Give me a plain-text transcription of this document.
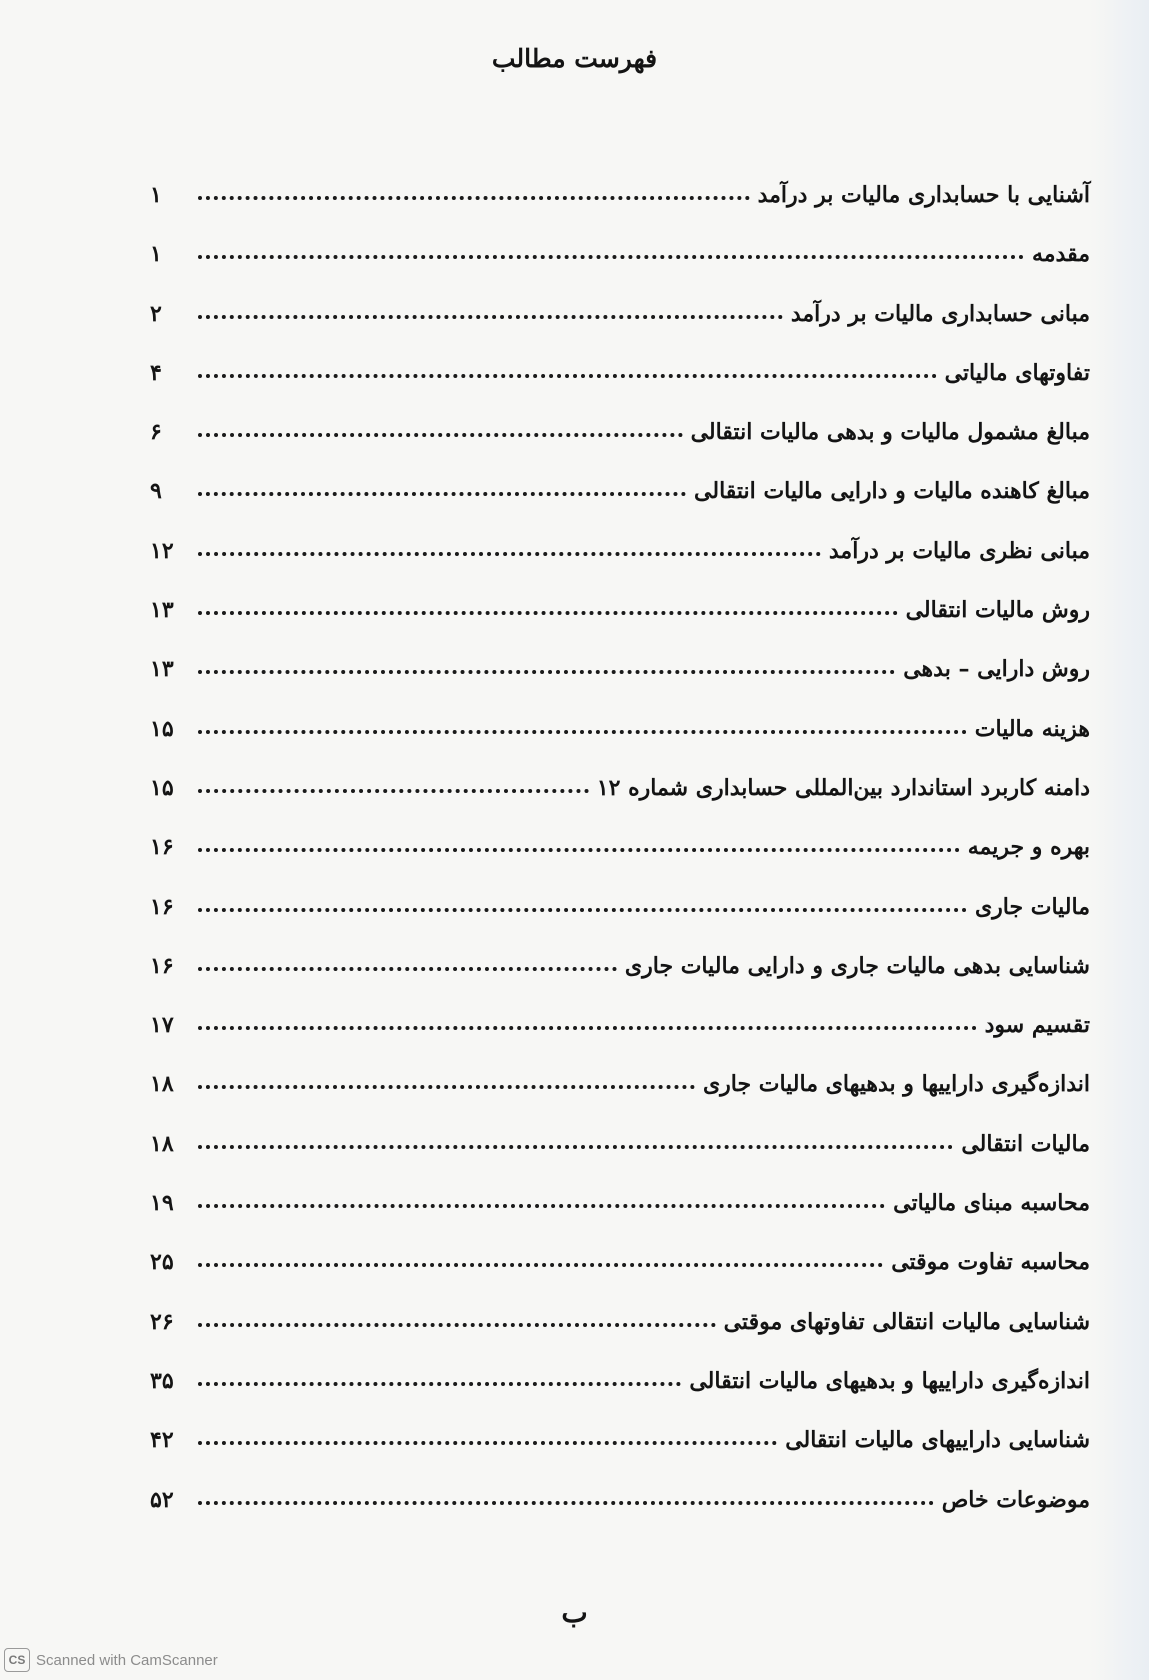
فهرست مطالب
آشنایی با حسابداری مالیات بر درآمد
۱
مقدمه
۱
مبانی حسابداری مالیات بر درآمد
۲
تفاوتهای مالیاتی
۴
مبالغ مشمول مالیات و بدهی مالیات انتقالی
۶
مبالغ کاهنده مالیات و دارایی مالیات انتقالی
۹
مبانی نظری مالیات بر درآمد
۱۲
روش مالیات انتقالی
۱۳
روش دارایی – بدهی
۱۳
هزینه مالیات
۱۵
دامنه کاربرد استاندارد بین‌المللی حسابداری شماره ۱۲
۱۵
بهره و جریمه
۱۶
مالیات جاری
۱۶
شناسایی بدهی مالیات جاری و دارایی مالیات جاری
۱۶
تقسیم سود
۱۷
اندازه‌گیری داراییها و بدهیهای مالیات جاری
۱۸
مالیات انتقالی
۱۸
محاسبه مبنای مالیاتی
۱۹
محاسبه تفاوت موقتی
۲۵
شناسایی مالیات انتقالی تفاوتهای موقتی
۲۶
اندازه‌گیری داراییها و بدهیهای مالیات انتقالی
۳۵
شناسایی داراییهای مالیات انتقالی
۴۲
موضوعات خاص
۵۲
ب
CS Scanned with CamScanner
